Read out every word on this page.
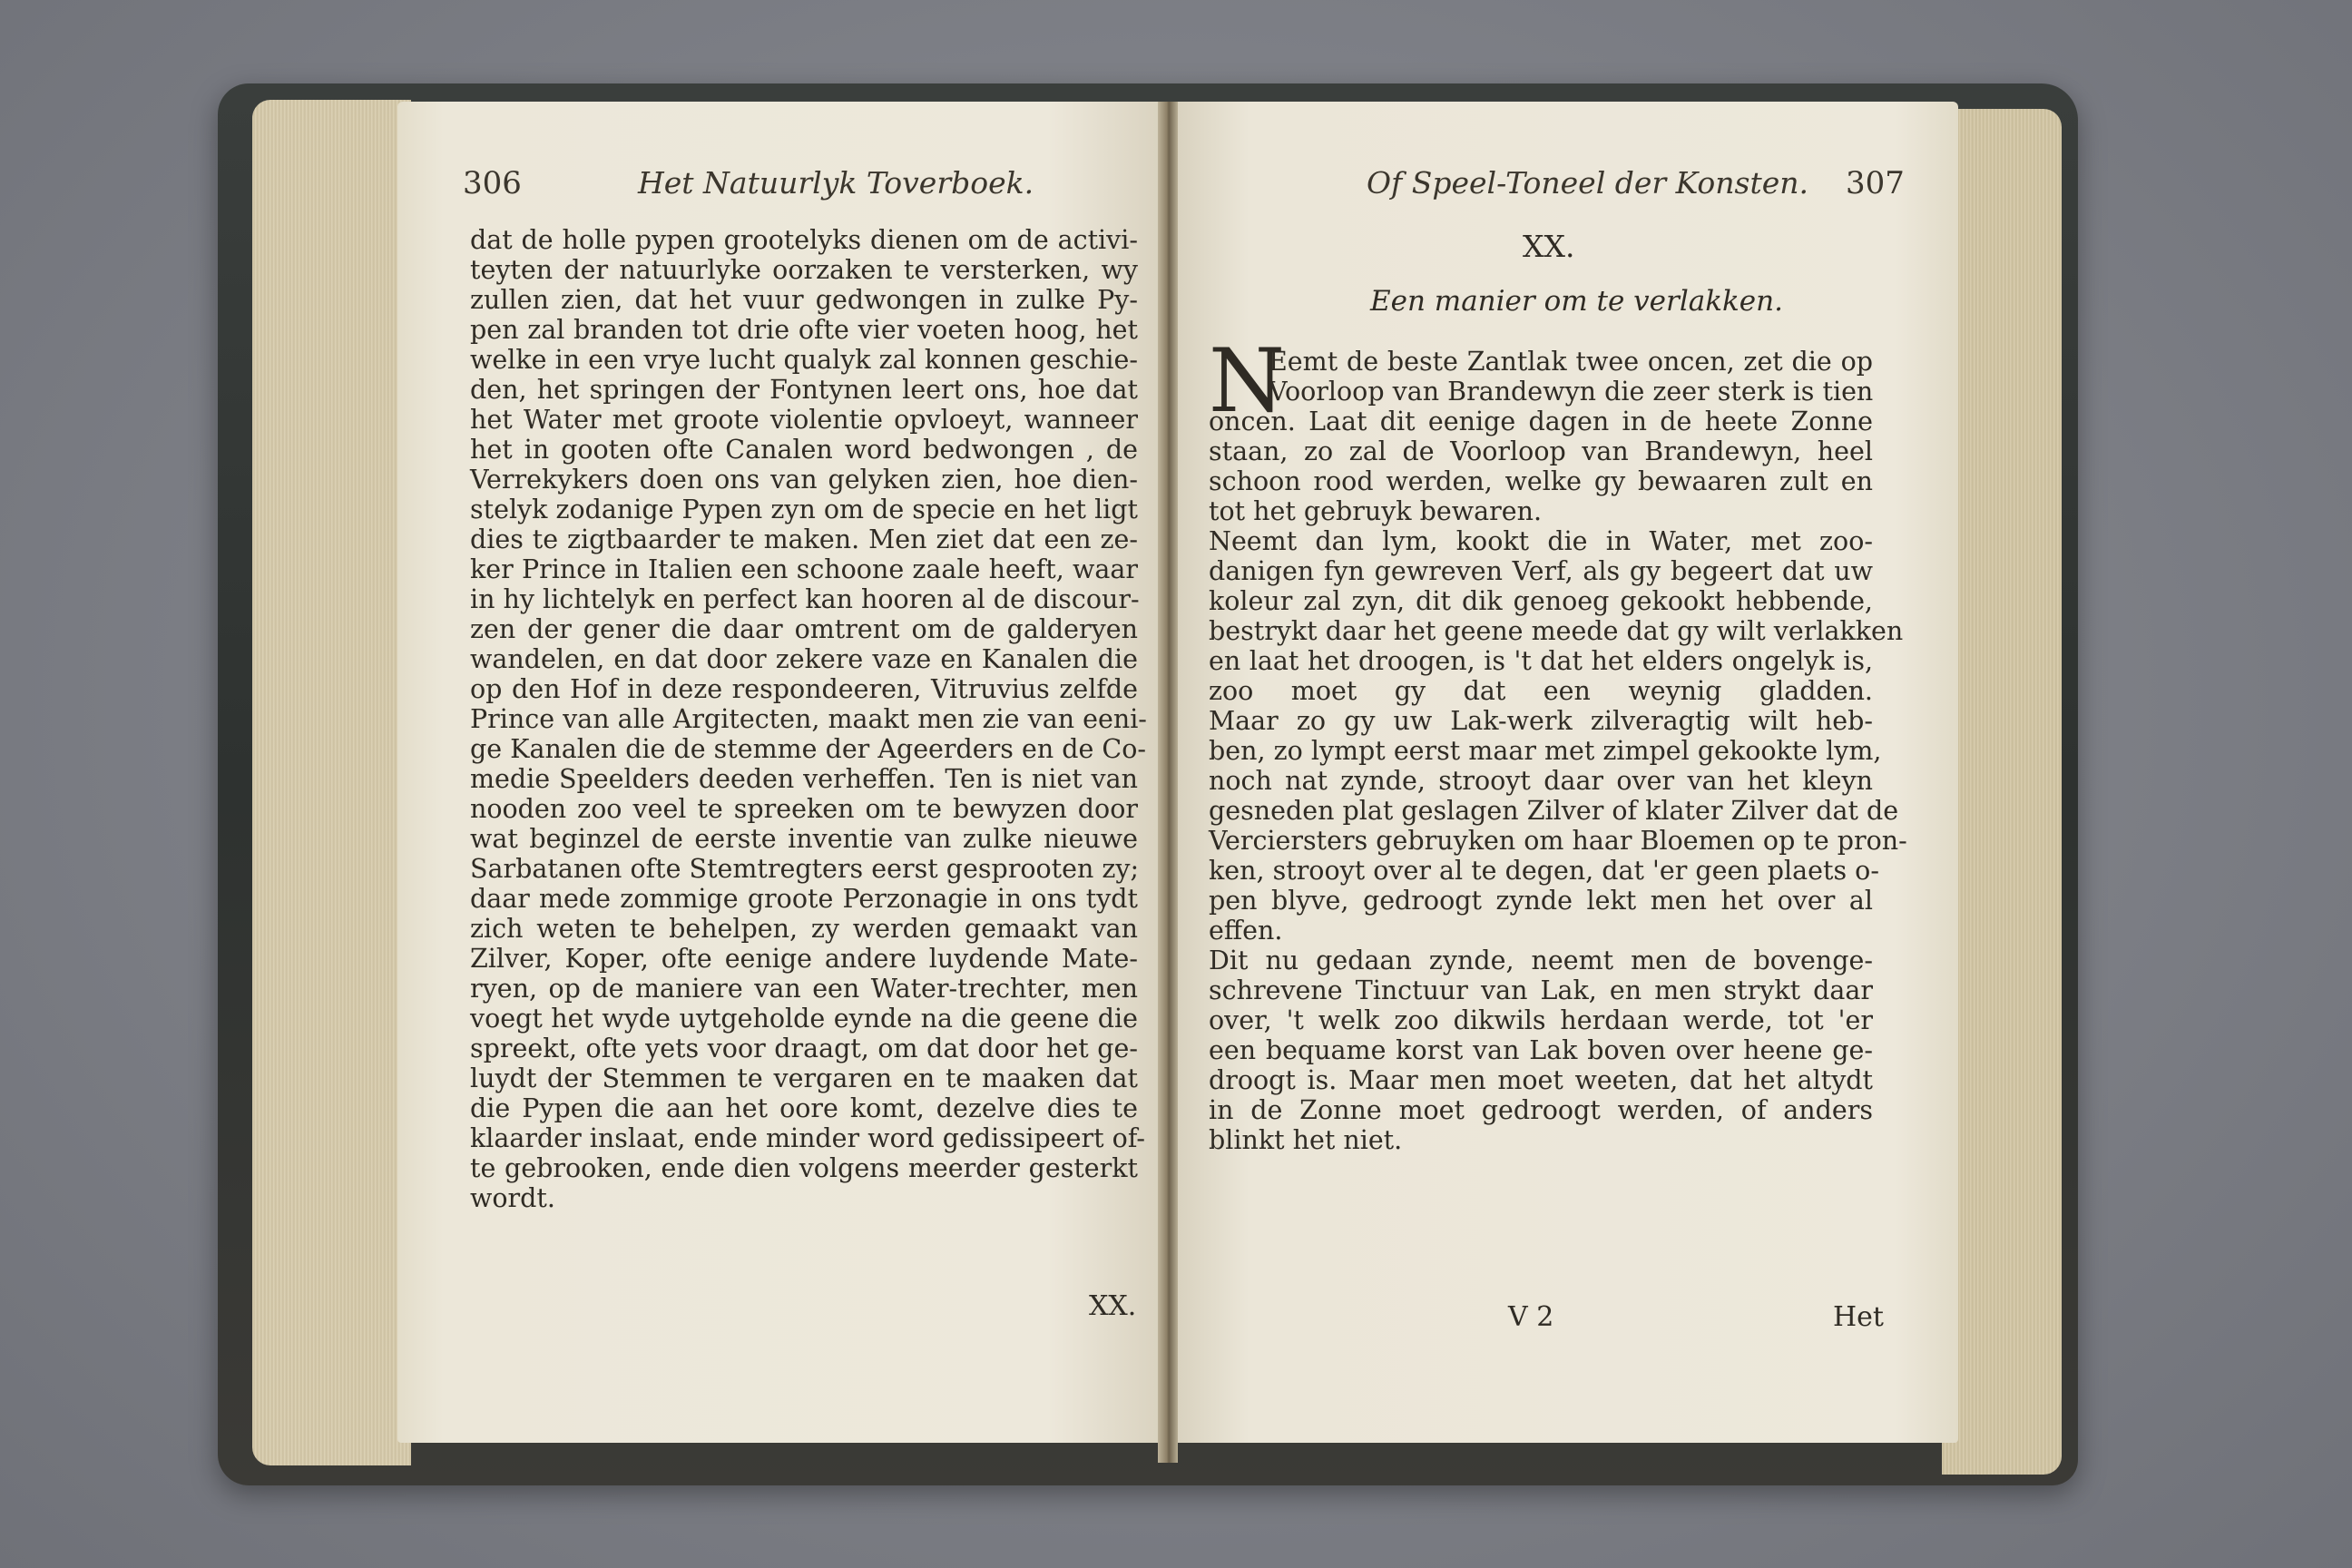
306	Het Natuurlyk Toverboek.
dat de holle pypen grootelyks dienen om de activi-
teyten der natuurlyke oorzaken te versterken, wy
zullen zien, dat het vuur gedwongen in zulke Py-
pen zal branden tot drie ofte vier voeten hoog, het
welke in een vrye lucht qualyk zal konnen geschie-
den, het springen der Fontynen leert ons, hoe dat
het Water met groote violentie opvloeyt, wanneer
het in gooten ofte Canalen word bedwongen , de
Verrekykers doen ons van gelyken zien, hoe dien-
stelyk zodanige Pypen zyn om de specie en het ligt
dies te zigtbaarder te maken. Men ziet dat een ze-
ker Prince in Italien een schoone zaale heeft, waar
in hy lichtelyk en perfect kan hooren al de discour-
zen der gener die daar omtrent om de galderyen
wandelen, en dat door zekere vaze en Kanalen die
op den Hof in deze respondeeren, Vitruvius zelfde
Prince van alle Argitecten, maakt men zie van eeni-
ge Kanalen die de stemme der Ageerders en de Co-
medie Speelders deeden verheffen. Ten is niet van
nooden zoo veel te spreeken om te bewyzen door
wat beginzel de eerste inventie van zulke nieuwe
Sarbatanen ofte Stemtregters eerst gesprooten zy;
daar mede zommige groote Perzonagie in ons tydt
zich weten te behelpen, zy werden gemaakt van
Zilver, Koper, ofte eenige andere luydende Mate-
ryen, op de maniere van een Water-trechter, men
voegt het wyde uytgeholde eynde na die geene die
spreekt, ofte yets voor draagt, om dat door het ge-
luydt der Stemmen te vergaren en te maaken dat
die Pypen die aan het oore komt, dezelve dies te
klaarder inslaat, ende minder word gedissipeert of-
te gebrooken, ende dien volgens meerder gesterkt
wordt.
XX.
Of Speel-Toneel der Konsten. 307
XX.
Een manier om te verlakken.
N
Eemt de beste Zantlak twee oncen, zet die op
Voorloop van Brandewyn die zeer sterk is tien
oncen. Laat dit eenige dagen in de heete Zonne
staan, zo zal de Voorloop van Brandewyn, heel
schoon rood werden, welke gy bewaaren zult en
tot het gebruyk bewaren.
Neemt dan lym, kookt die in Water, met zoo-
danigen fyn gewreven Verf, als gy begeert dat uw
koleur zal zyn, dit dik genoeg gekookt hebbende,
bestrykt daar het geene meede dat gy wilt verlakken
en laat het droogen, is 't dat het elders ongelyk is,
zoo moet gy dat een weynig gladden.
Maar zo gy uw Lak-werk zilveragtig wilt heb-
ben, zo lympt eerst maar met zimpel gekookte lym,
noch nat zynde, strooyt daar over van het kleyn
gesneden plat geslagen Zilver of klater Zilver dat de
Verciersters gebruyken om haar Bloemen op te pron-
ken, strooyt over al te degen, dat 'er geen plaets o-
pen blyve, gedroogt zynde lekt men het over al
effen.
Dit nu gedaan zynde, neemt men de bovenge-
schrevene Tinctuur van Lak, en men strykt daar
over, 't welk zoo dikwils herdaan werde, tot 'er
een bequame korst van Lak boven over heene ge-
droogt is. Maar men moet weeten, dat het altydt
in de Zonne moet gedroogt werden, of anders
blinkt het niet.
V 2	Het
